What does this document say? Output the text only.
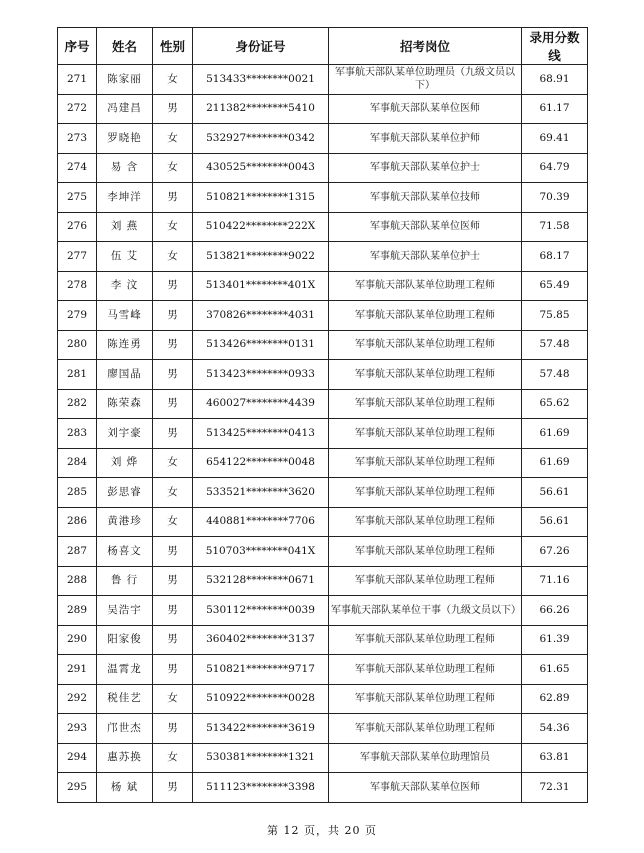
序号	姓名	性别	身份证号	招考岗位	录用分数线
271	陈家丽	女	513433********0021	军事航天部队某单位助理员（九级文员以下）	68.91
272	冯建昌	男	211382********5410	军事航天部队某单位医师	61.17
273	罗晓艳	女	532927********0342	军事航天部队某单位护师	69.41
274	易 含	女	430525********0043	军事航天部队某单位护士	64.79
275	李坤洋	男	510821********1315	军事航天部队某单位技师	70.39
276	刘 燕	女	510422********222X	军事航天部队某单位医师	71.58
277	伍 艾	女	513821********9022	军事航天部队某单位护士	68.17
278	李 汶	男	513401********401X	军事航天部队某单位助理工程师	65.49
279	马雪峰	男	370826********4031	军事航天部队某单位助理工程师	75.85
280	陈连勇	男	513426********0131	军事航天部队某单位助理工程师	57.48
281	廖国晶	男	513423********0933	军事航天部队某单位助理工程师	57.48
282	陈荣森	男	460027********4439	军事航天部队某单位助理工程师	65.62
283	刘宇豪	男	513425********0413	军事航天部队某单位助理工程师	61.69
284	刘 烨	女	654122********0048	军事航天部队某单位助理工程师	61.69
285	彭思睿	女	533521********3620	军事航天部队某单位助理工程师	56.61
286	黄港珍	女	440881********7706	军事航天部队某单位助理工程师	56.61
287	杨喜文	男	510703********041X	军事航天部队某单位助理工程师	67.26
288	鲁 行	男	532128********0671	军事航天部队某单位助理工程师	71.16
289	吴浩宇	男	530112********0039	军事航天部队某单位干事（九级文员以下）	66.26
290	阳家俊	男	360402********3137	军事航天部队某单位助理工程师	61.39
291	温霄龙	男	510821********9717	军事航天部队某单位助理工程师	61.65
292	税佳艺	女	510922********0028	军事航天部队某单位助理工程师	62.89
293	邝世杰	男	513422********3619	军事航天部队某单位助理工程师	54.36
294	惠苏换	女	530381********1321	军事航天部队某单位助理馆员	63.81
295	杨 斌	男	511123********3398	军事航天部队某单位医师	72.31
第 12 页，共 20 页
